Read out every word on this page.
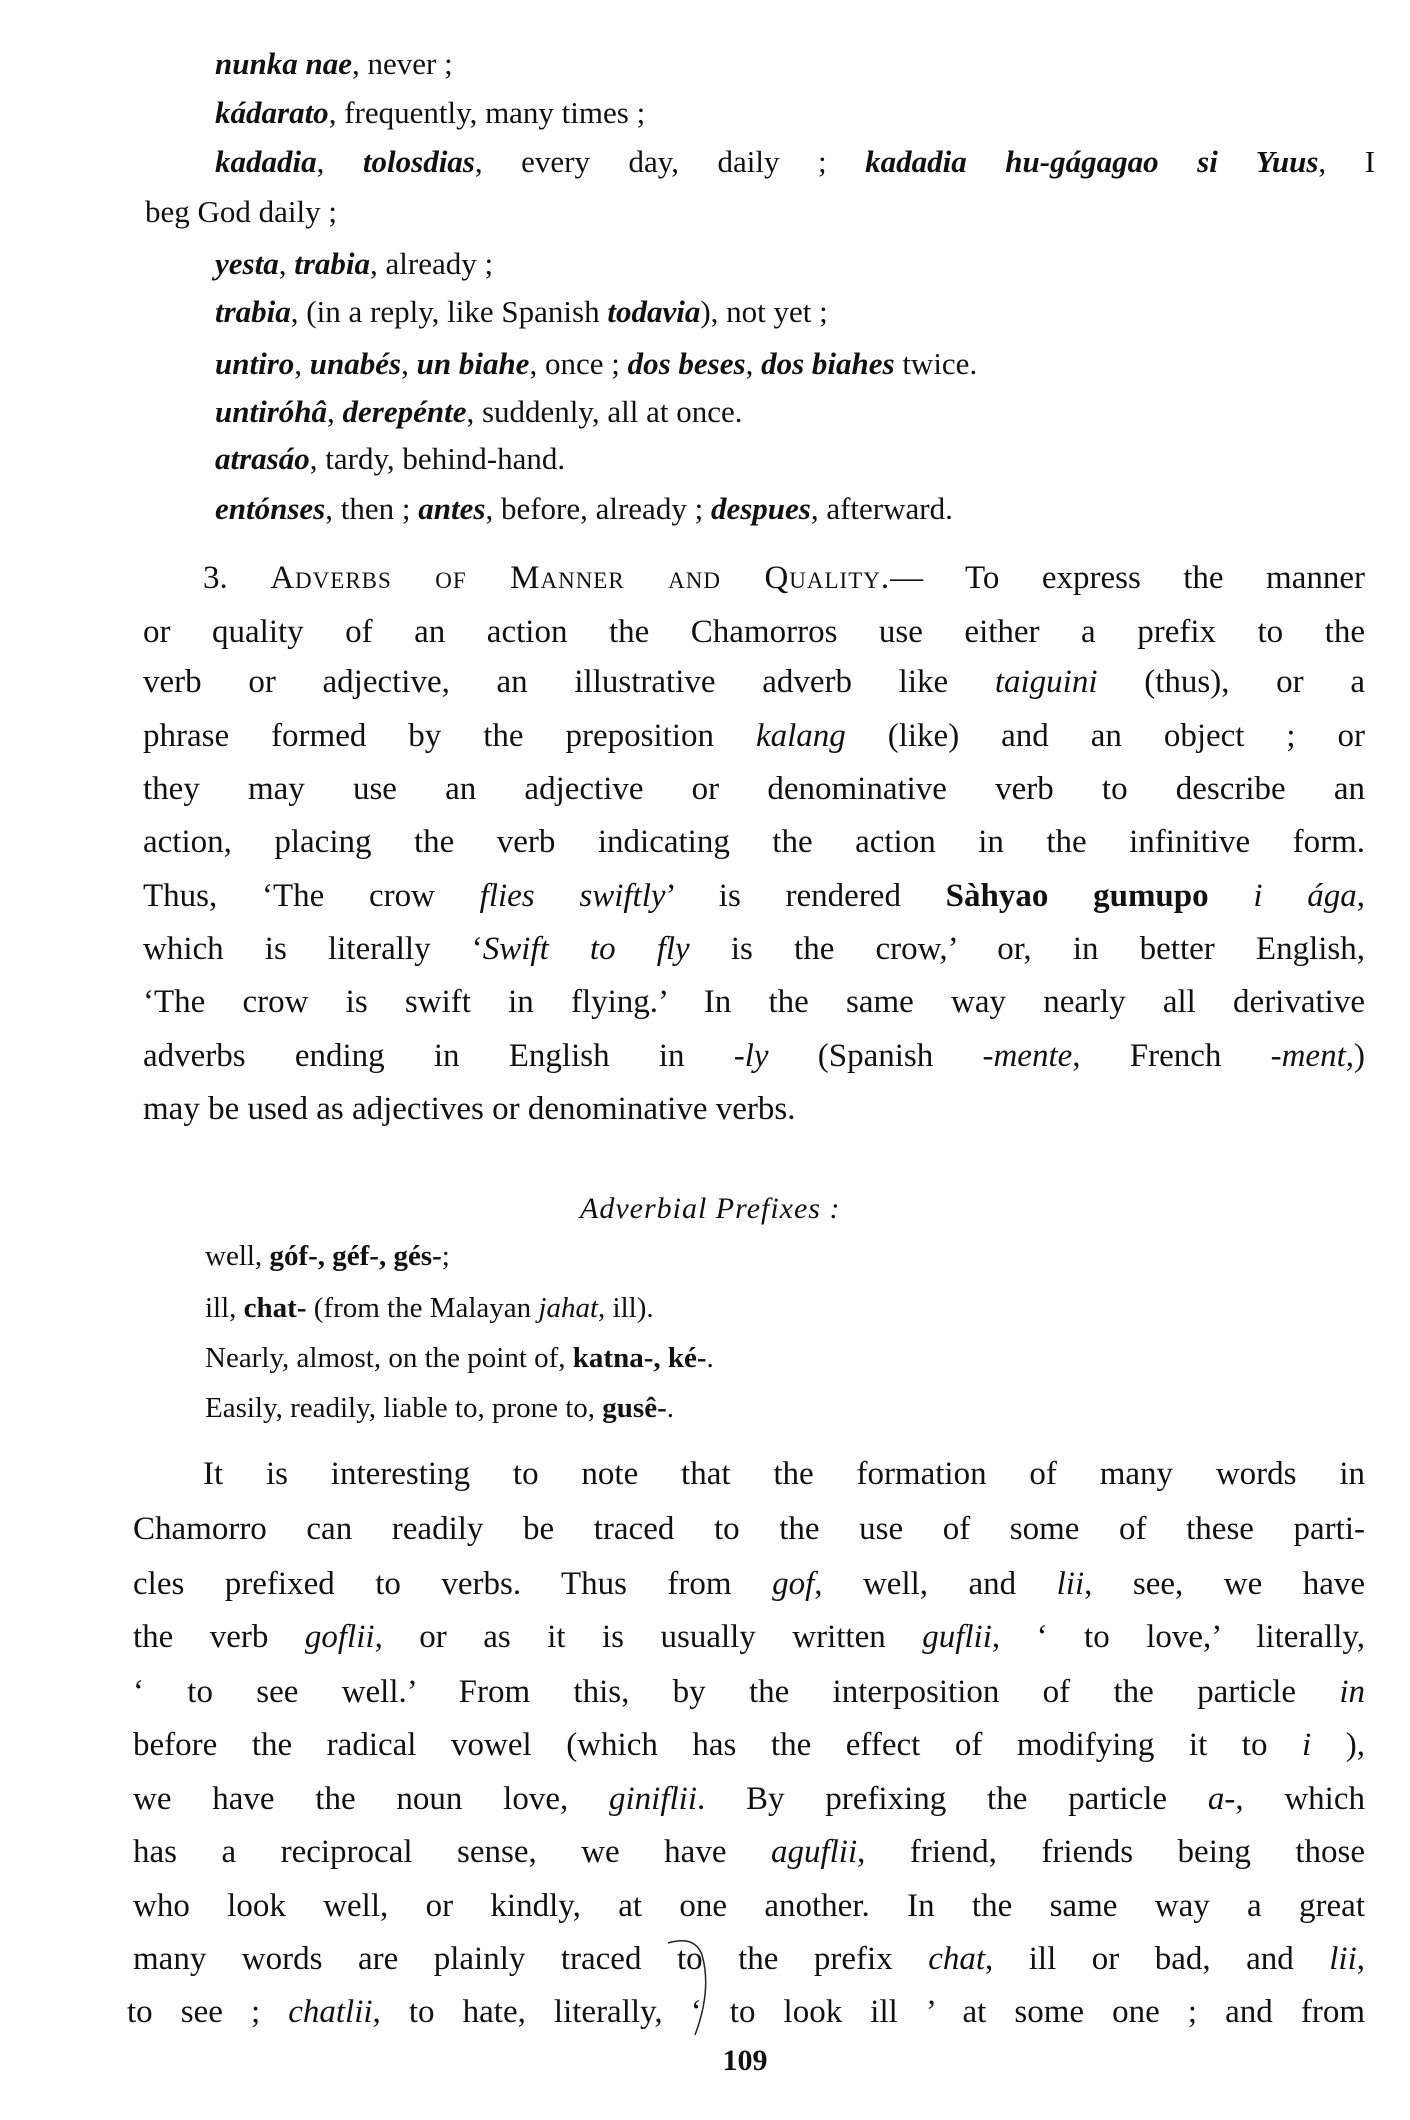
nunka nae, never ;
kádarato, frequently, many times ;
kadadia, tolosdias, every day, daily ; kadadia hu-gágagao si Yuus, I
beg God daily ;
yesta, trabia, already ;
trabia, (in a reply, like Spanish todavia), not yet ;
untiro, unabés, un biahe, once ; dos beses, dos biahes twice.
untiróhâ, derepénte, suddenly, all at once.
atrasáo, tardy, behind-hand.
entónses, then ; antes, before, already ; despues, afterward.
3. Adverbs of Manner and Quality.— To express the manner
or quality of an action the Chamorros use either a prefix to the
verb or adjective, an illustrative adverb like taiguini (thus), or a
phrase formed by the preposition kalang (like) and an object ; or
they may use an adjective or denominative verb to describe an
action, placing the verb indicating the action in the infinitive form.
Thus, ‘The crow flies swiftly’ is rendered Sàhyao gumupo i ága,
which is literally ‘Swift to fly is the crow,’ or, in better English,
‘The crow is swift in flying.’ In the same way nearly all derivative
adverbs ending in English in -ly (Spanish -mente, French -ment,)
may be used as adjectives or denominative verbs.
Adverbial Prefixes :
well, góf-, géf-, gés-;
ill, chat- (from the Malayan jahat, ill).
Nearly, almost, on the point of, katna-, ké-.
Easily, readily, liable to, prone to, gusê-.
It is interesting to note that the formation of many words in
Chamorro can readily be traced to the use of some of these parti-
cles prefixed to verbs. Thus from gof, well, and lii, see, we have
the verb goflii, or as it is usually written guflii, ‘ to love,’ literally,
‘ to see well.’ From this, by the interposition of the particle in
before the radical vowel (which has the effect of modifying it to i ),
we have the noun love, giniflii. By prefixing the particle a-, which
has a reciprocal sense, we have aguflii, friend, friends being those
who look well, or kindly, at one another. In the same way a great
many words are plainly traced to the prefix chat, ill or bad, and lii,
to see ; chatlii, to hate, literally, ‘ to look ill ’ at some one ; and from
109
